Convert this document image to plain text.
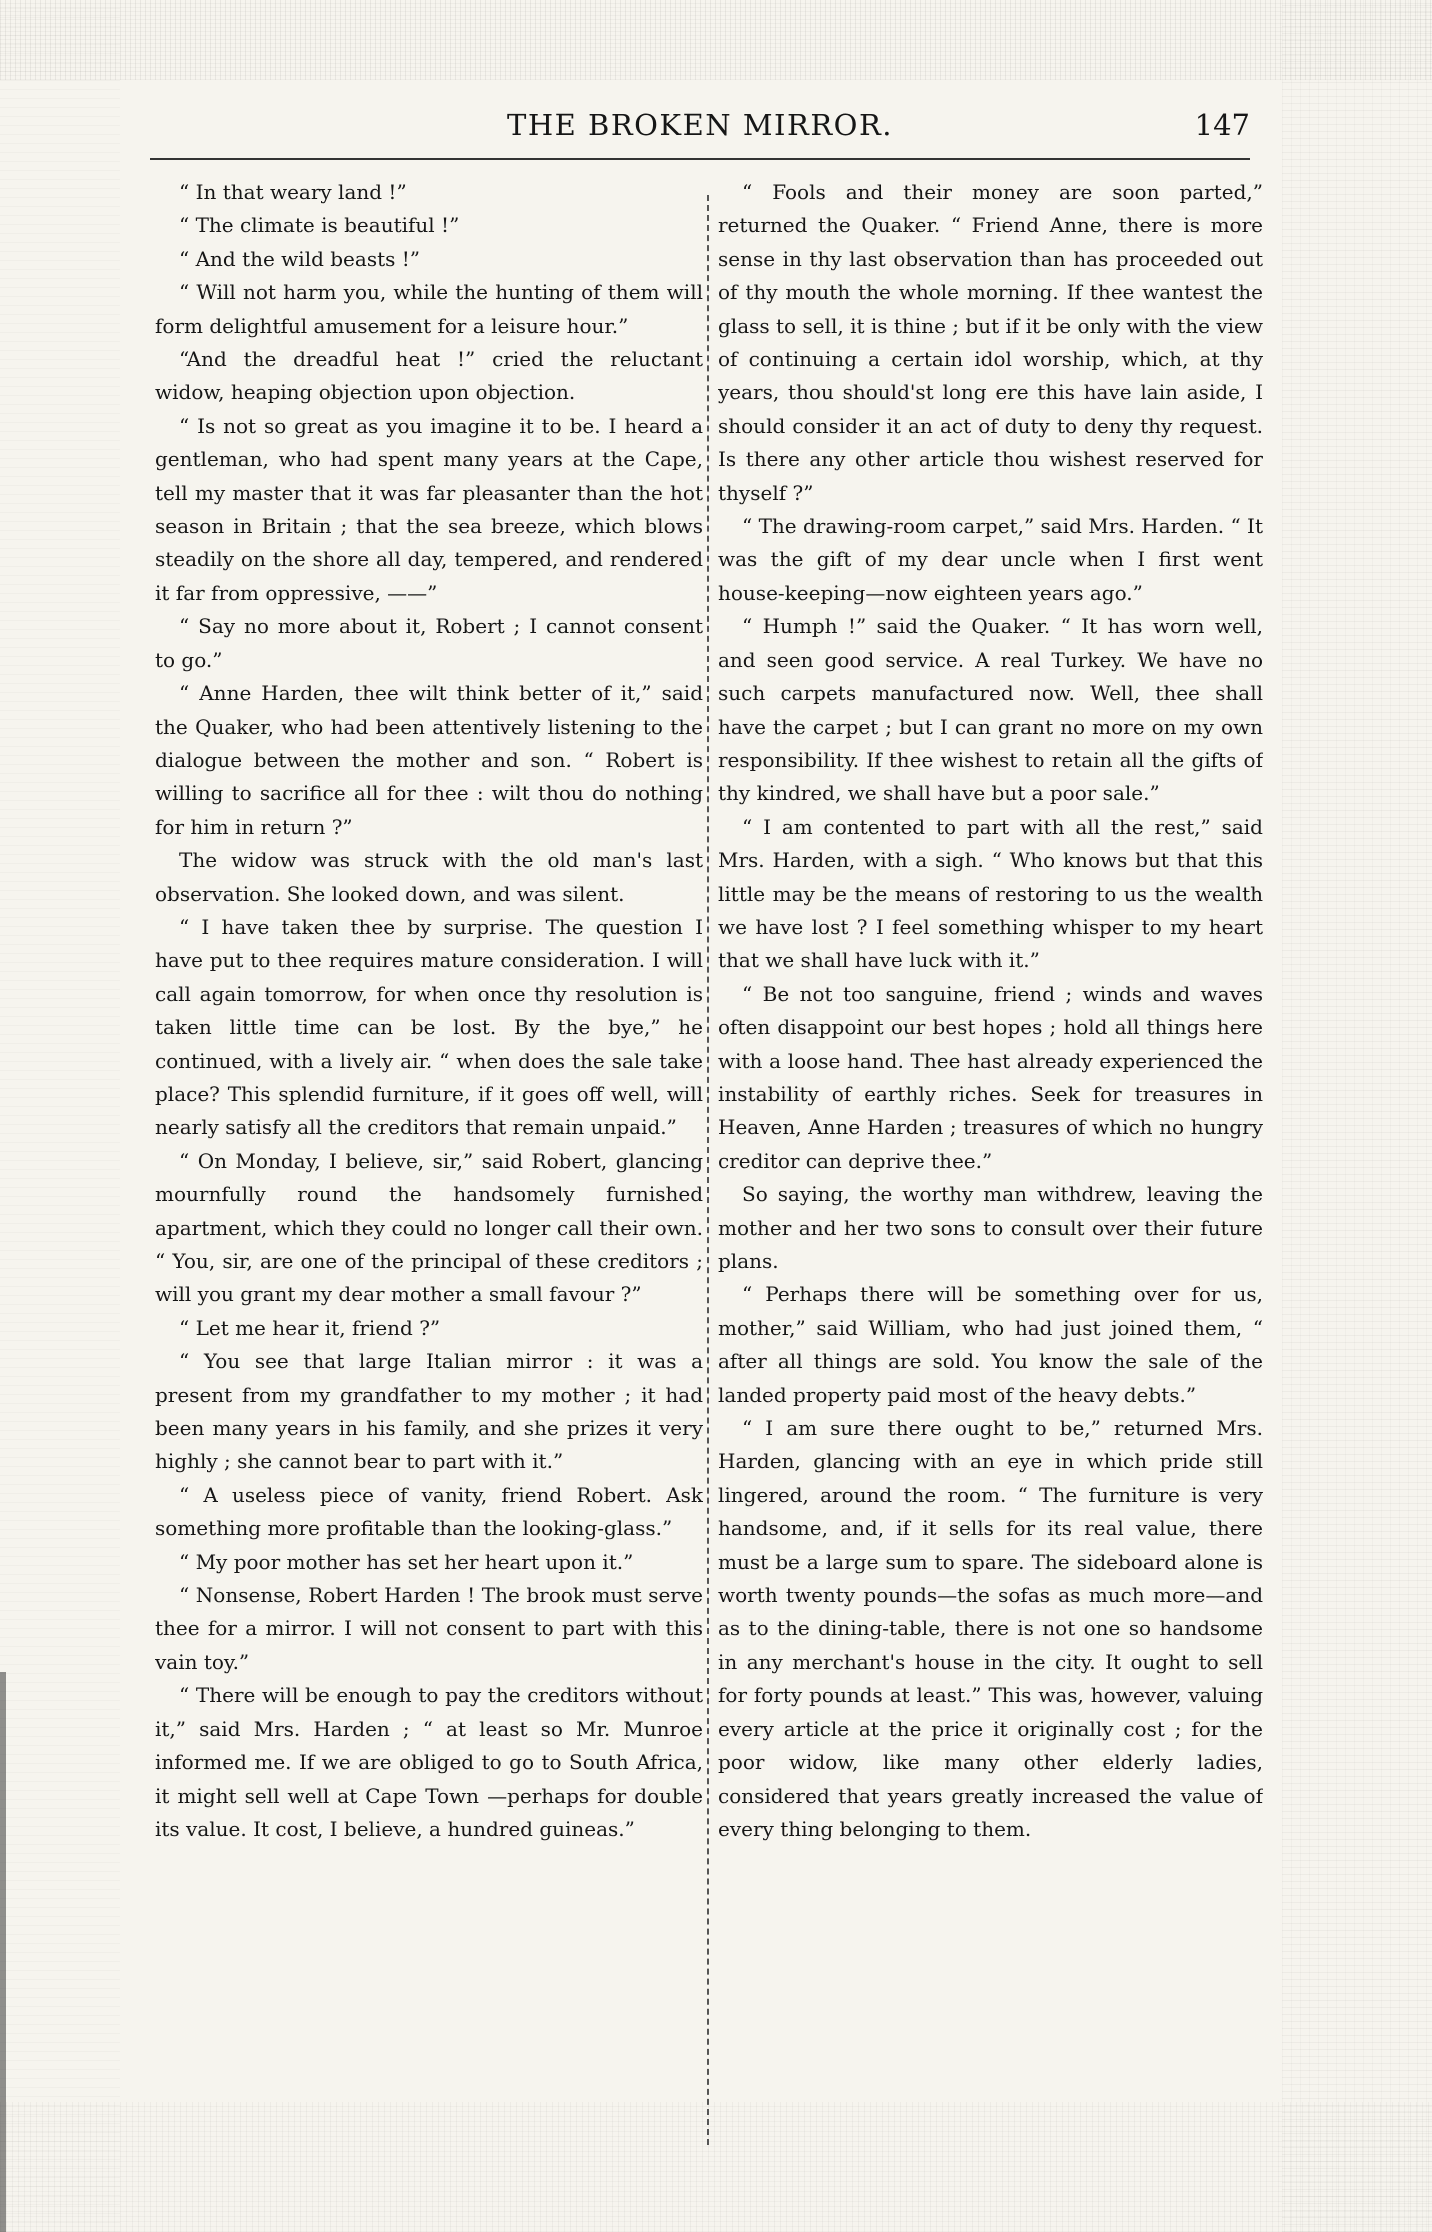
THE BROKEN MIRROR.	147

“ In that weary land !”

“ The climate is beautiful !”

“ And the wild beasts !”

“ Will not harm you, while the hunting of them will form delightful amusement for a leisure hour.”

“And the dreadful heat !” cried the reluctant widow, heaping objection upon objection.

“ Is not so great as you imagine it to be. I heard a gentleman, who had spent many years at the Cape, tell my master that it was far pleasanter than the hot season in Britain ; that the sea breeze, which blows steadily on the shore all day, tempered, and rendered it far from oppressive, ——”

“ Say no more about it, Robert ; I cannot consent to go.”

“ Anne Harden, thee wilt think better of it,” said the Quaker, who had been attentively listening to the dialogue between the mother and son. “ Robert is willing to sacrifice all for thee : wilt thou do nothing for him in return ?”

The widow was struck with the old man's last observation. She looked down, and was silent.

“ I have taken thee by surprise. The question I have put to thee requires mature consideration. I will call again tomorrow, for when once thy resolution is taken little time can be lost. By the bye,” he continued, with a lively air. “ when does the sale take place? This splendid furniture, if it goes off well, will nearly satisfy all the creditors that remain unpaid.”

“ On Monday, I believe, sir,” said Robert, glancing mournfully round the handsomely furnished apartment, which they could no longer call their own. “ You, sir, are one of the principal of these creditors ; will you grant my dear mother a small favour ?”

“ Let me hear it, friend ?”

“ You see that large Italian mirror : it was a present from my grandfather to my mother ; it had been many years in his family, and she prizes it very highly ; she cannot bear to part with it.”

“ A useless piece of vanity, friend Robert. Ask something more profitable than the looking-glass.”

“ My poor mother has set her heart upon it.”

“ Nonsense, Robert Harden ! The brook must serve thee for a mirror. I will not consent to part with this vain toy.”

“ There will be enough to pay the creditors without it,” said Mrs. Harden ; “ at least so Mr. Munroe informed me. If we are obliged to go to South Africa, it might sell well at Cape Town —perhaps for double its value. It cost, I believe, a hundred guineas.”

“ Fools and their money are soon parted,” returned the Quaker. “ Friend Anne, there is more sense in thy last observation than has proceeded out of thy mouth the whole morning. If thee wantest the glass to sell, it is thine ; but if it be only with the view of continuing a certain idol worship, which, at thy years, thou should'st long ere this have lain aside, I should consider it an act of duty to deny thy request. Is there any other article thou wishest reserved for thyself ?”

“ The drawing-room carpet,” said Mrs. Harden. “ It was the gift of my dear uncle when I first went house-keeping—now eighteen years ago.”

“ Humph !” said the Quaker. “ It has worn well, and seen good service. A real Turkey. We have no such carpets manufactured now. Well, thee shall have the carpet ; but I can grant no more on my own responsibility. If thee wishest to retain all the gifts of thy kindred, we shall have but a poor sale.”

“ I am contented to part with all the rest,” said Mrs. Harden, with a sigh. “ Who knows but that this little may be the means of restoring to us the wealth we have lost ? I feel something whisper to my heart that we shall have luck with it.”

“ Be not too sanguine, friend ; winds and waves often disappoint our best hopes ; hold all things here with a loose hand. Thee hast already experienced the instability of earthly riches. Seek for treasures in Heaven, Anne Harden ; treasures of which no hungry creditor can deprive thee.”

So saying, the worthy man withdrew, leaving the mother and her two sons to consult over their future plans.

“ Perhaps there will be something over for us, mother,” said William, who had just joined them, “ after all things are sold. You know the sale of the landed property paid most of the heavy debts.”

“ I am sure there ought to be,” returned Mrs. Harden, glancing with an eye in which pride still lingered, around the room. “ The furniture is very handsome, and, if it sells for its real value, there must be a large sum to spare. The sideboard alone is worth twenty pounds—the sofas as much more—and as to the dining-table, there is not one so handsome in any merchant's house in the city. It ought to sell for forty pounds at least.” This was, however, valuing every article at the price it originally cost ; for the poor widow, like many other elderly ladies, considered that years greatly increased the value of every thing belonging to them.
